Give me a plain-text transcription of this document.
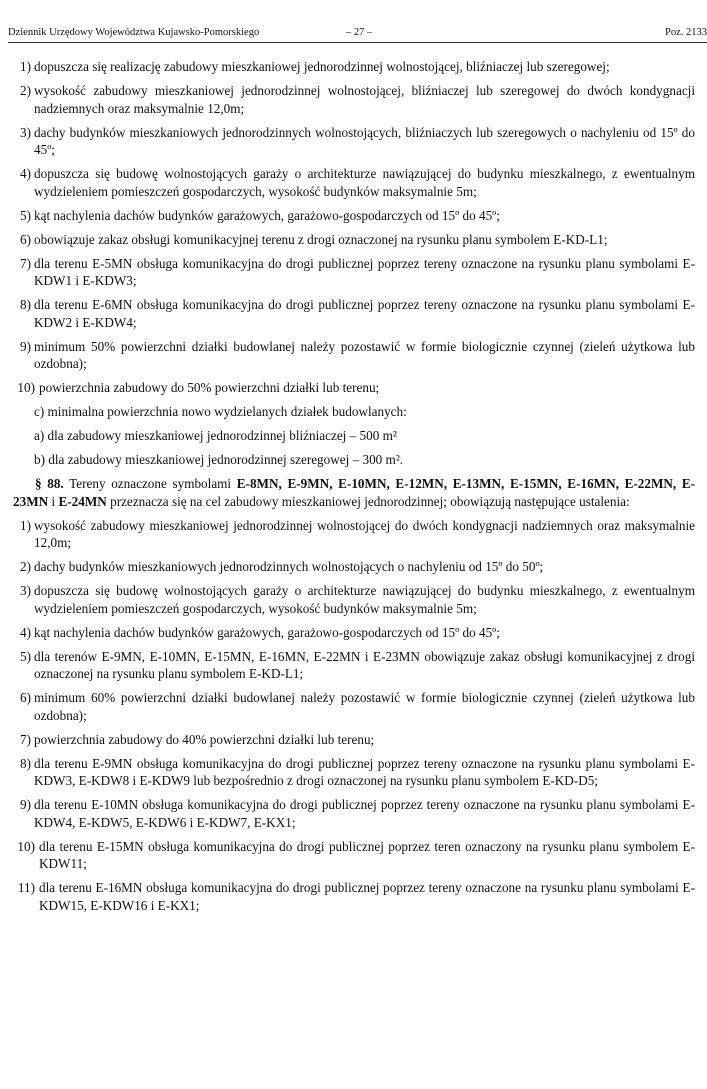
Dziennik Urzędowy Województwa Kujawsko-Pomorskiego	– 27 –	Poz. 2133
1) dopuszcza się realizację zabudowy mieszkaniowej jednorodzinnej wolnostojącej, bliźniaczej lub szeregowej;
2) wysokość zabudowy mieszkaniowej jednorodzinnej wolnostojącej, bliźniaczej lub szeregowej do dwóch kondygnacji nadziemnych oraz maksymalnie 12,0m;
3) dachy budynków mieszkaniowych jednorodzinnych wolnostojących, bliźniaczych lub szeregowych o nachyleniu od 15º do 45º;
4) dopuszcza się budowę wolnostojących garaży o architekturze nawiązującej do budynku mieszkalnego, z ewentualnym wydzieleniem pomieszczeń gospodarczych, wysokość budynków maksymalnie 5m;
5) kąt nachylenia dachów budynków garażowych, garażowo-gospodarczych od 15º do 45º;
6) obowiązuje zakaz obsługi komunikacyjnej terenu z drogi oznaczonej na rysunku planu symbolem E-KD-L1;
7) dla terenu E-5MN obsługa komunikacyjna do drogi publicznej poprzez tereny oznaczone na rysunku planu symbolami E-KDW1 i E-KDW3;
8) dla terenu E-6MN obsługa komunikacyjna do drogi publicznej poprzez tereny oznaczone na rysunku planu symbolami E-KDW2 i E-KDW4;
9) minimum 50% powierzchni działki budowlanej należy pozostawić w formie biologicznie czynnej (zieleń użytkowa lub ozdobna);
10) powierzchnia zabudowy do 50% powierzchni działki lub terenu;
c) minimalna powierzchnia nowo wydzielanych działek budowlanych:
a) dla zabudowy mieszkaniowej jednorodzinnej bliźniaczej – 500 m²
b) dla zabudowy mieszkaniowej jednorodzinnej szeregowej – 300 m².
§ 88. Tereny oznaczone symbolami E-8MN, E-9MN, E-10MN, E-12MN, E-13MN, E-15MN, E-16MN, E-22MN, E-23MN i E-24MN przeznacza się na cel zabudowy mieszkaniowej jednorodzinnej; obowiązują następujące ustalenia:
1) wysokość zabudowy mieszkaniowej jednorodzinnej wolnostojącej do dwóch kondygnacji nadziemnych oraz maksymalnie 12,0m;
2) dachy budynków mieszkaniowych jednorodzinnych wolnostojących o nachyleniu od 15º do 50º;
3) dopuszcza się budowę wolnostojących garaży o architekturze nawiązującej do budynku mieszkalnego, z ewentualnym wydzieleniem pomieszczeń gospodarczych, wysokość budynków maksymalnie 5m;
4) kąt nachylenia dachów budynków garażowych, garażowo-gospodarczych od 15º do 45º;
5) dla terenów E-9MN, E-10MN, E-15MN, E-16MN, E-22MN i E-23MN obowiązuje zakaz obsługi komunikacyjnej z drogi oznaczonej na rysunku planu symbolem E-KD-L1;
6) minimum 60% powierzchni działki budowlanej należy pozostawić w formie biologicznie czynnej (zieleń użytkowa lub ozdobna);
7) powierzchnia zabudowy do 40% powierzchni działki lub terenu;
8) dla terenu E-9MN obsługa komunikacyjna do drogi publicznej poprzez tereny oznaczone na rysunku planu symbolami E-KDW3, E-KDW8 i E-KDW9 lub bezpośrednio z drogi oznaczonej na rysunku planu symbolem E-KD-D5;
9) dla terenu E-10MN obsługa komunikacyjna do drogi publicznej poprzez tereny oznaczone na rysunku planu symbolami E-KDW4, E-KDW5, E-KDW6 i E-KDW7, E-KX1;
10) dla terenu E-15MN obsługa komunikacyjna do drogi publicznej poprzez teren oznaczony na rysunku planu symbolem E-KDW11;
11) dla terenu E-16MN obsługa komunikacyjna do drogi publicznej poprzez tereny oznaczone na rysunku planu symbolami E-KDW15, E-KDW16 i E-KX1;
